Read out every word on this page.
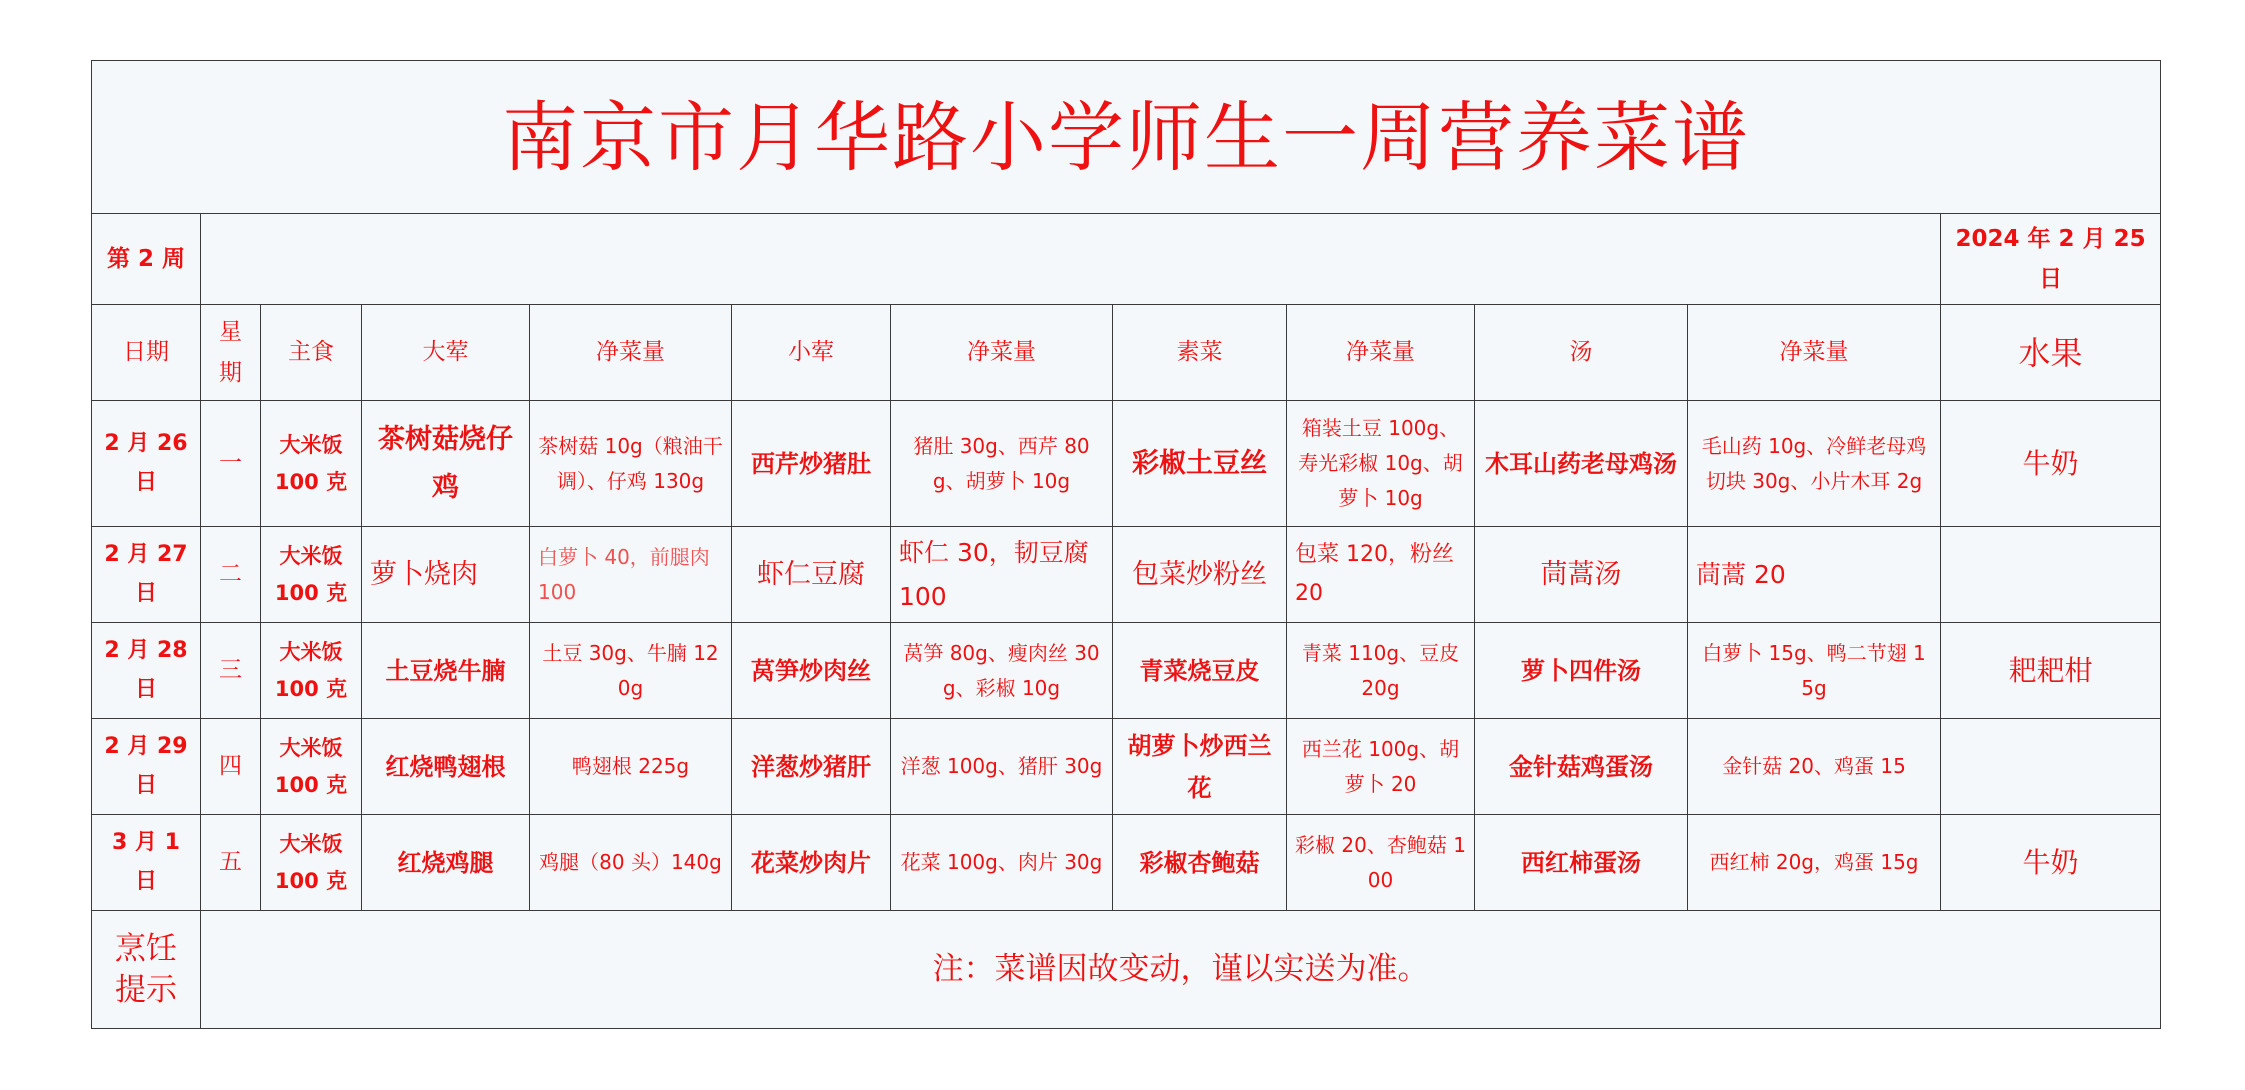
南京市月华路小学师生一周营养菜谱											
第 2 周											2024 年 2 月 25 日
日期	星期	主食	大荤	净菜量	小荤	净菜量	素菜	净菜量	汤	净菜量	水果
2 月 26 日	一	大米饭 100 克	茶树菇烧仔鸡	茶树菇 10g（粮油干调）、仔鸡 130g	西芹炒猪肚	猪肚 30g、西芹 80g、胡萝卜 10g	彩椒土豆丝	箱装土豆 100g、寿光彩椒 10g、胡萝卜 10g	木耳山药老母鸡汤	毛山药 10g、冷鲜老母鸡切块 30g、小片木耳 2g	牛奶
2 月 27 日	二	大米饭 100 克	萝卜烧肉	白萝卜 40，前腿肉 100	虾仁豆腐	虾仁 30，韧豆腐 100	包菜炒粉丝	包菜 120，粉丝 20	茼蒿汤	茼蒿 20	
2 月 28 日	三	大米饭 100 克	土豆烧牛腩	土豆 30g、牛腩 120g	莴笋炒肉丝	莴笋 80g、瘦肉丝 30g、彩椒 10g	青菜烧豆皮	青菜 110g、豆皮 20g	萝卜四件汤	白萝卜 15g、鸭二节翅 15g	耙耙柑
2 月 29 日	四	大米饭 100 克	红烧鸭翅根	鸭翅根 225g	洋葱炒猪肝	洋葱 100g、猪肝 30g	胡萝卜炒西兰花	西兰花 100g、胡萝卜 20	金针菇鸡蛋汤	金针菇 20、鸡蛋 15	
3 月 1 日	五	大米饭 100 克	红烧鸡腿	鸡腿（80 头）140g	花菜炒肉片	花菜 100g、肉片 30g	彩椒杏鲍菇	彩椒 20、杏鲍菇 100	西红柿蛋汤	西红柿 20g，鸡蛋 15g	牛奶
烹饪提示	注：菜谱因故变动，谨以实送为准。										
